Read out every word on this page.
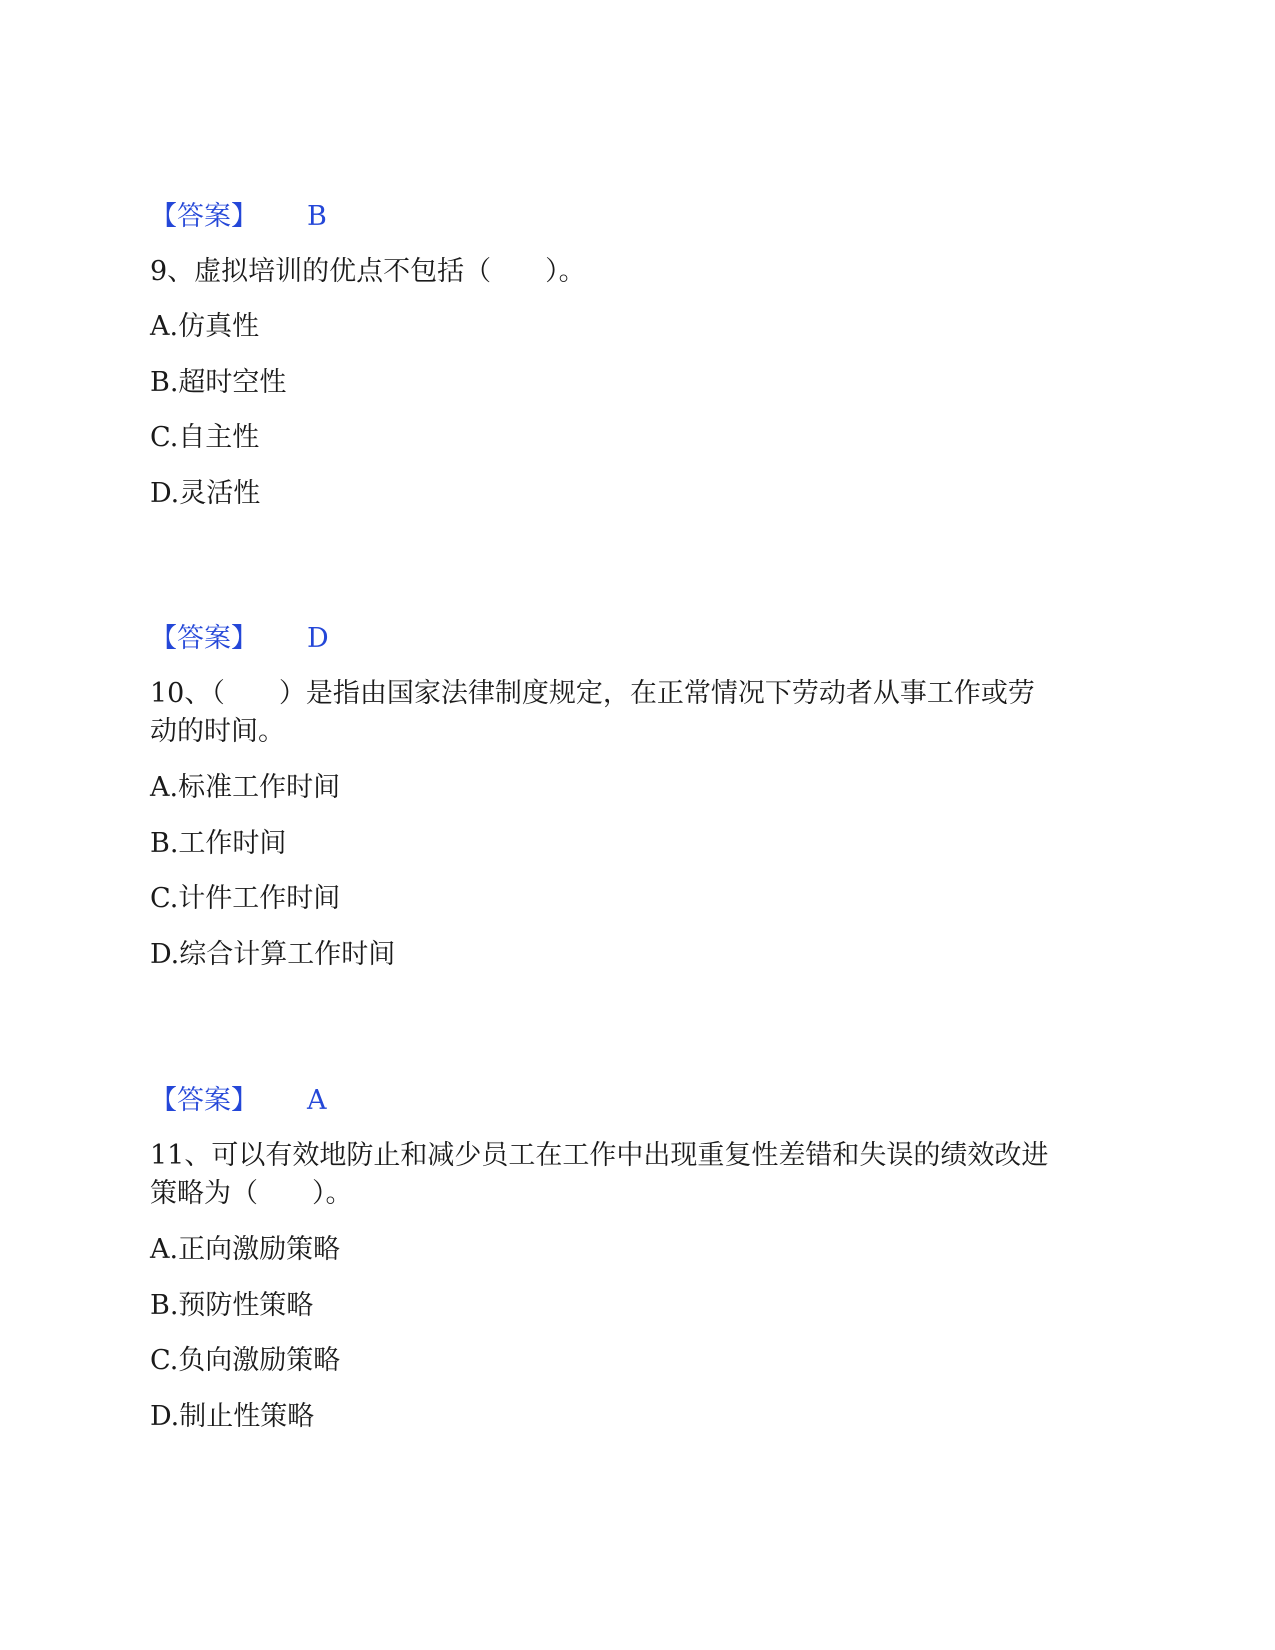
【答案】 B
9、虚拟培训的优点不包括（　　）。
A.仿真性
B.超时空性
C.自主性
D.灵活性
【答案】 D
10、（　　）是指由国家法律制度规定，在正常情况下劳动者从事工作或劳
动的时间。
A.标准工作时间
B.工作时间
C.计件工作时间
D.综合计算工作时间
【答案】 A
11、可以有效地防止和减少员工在工作中出现重复性差错和失误的绩效改进
策略为（　　）。
A.正向激励策略
B.预防性策略
C.负向激励策略
D.制止性策略
